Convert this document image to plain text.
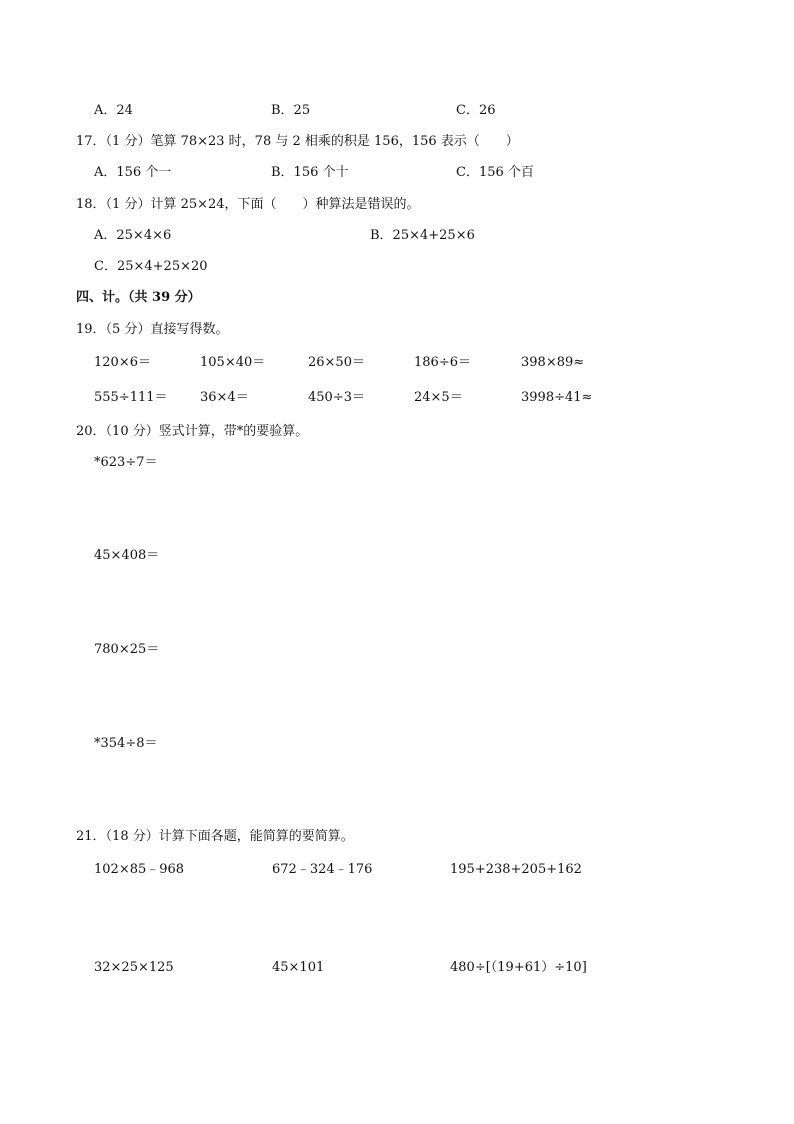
A．24	B．25	C．26
17．（1 分）笔算 78×23 时，78 与 2 相乘的积是 156，156 表示（　　）
A．156 个一	B．156 个十	C．156 个百
18．（1 分）计算 25×24，下面（　　）种算法是错误的。
A．25×4×6	B．25×4+25×6
C．25×4+25×20
四、计。（共 39 分）
19．（5 分）直接写得数。
120×6＝	105×40＝	26×50＝	186÷6＝	398×89≈
555÷111＝ 36×4＝	450÷3＝	24×5＝	3998÷41≈
20．（10 分）竖式计算，带*的要验算。
*623÷7＝
45×408＝
780×25＝
*354÷8＝
21．（18 分）计算下面各题，能简算的要简算。
102×85﹣968	672﹣324﹣176	195+238+205+162
32×25×125	45×101	480÷[（19+61）÷10]
